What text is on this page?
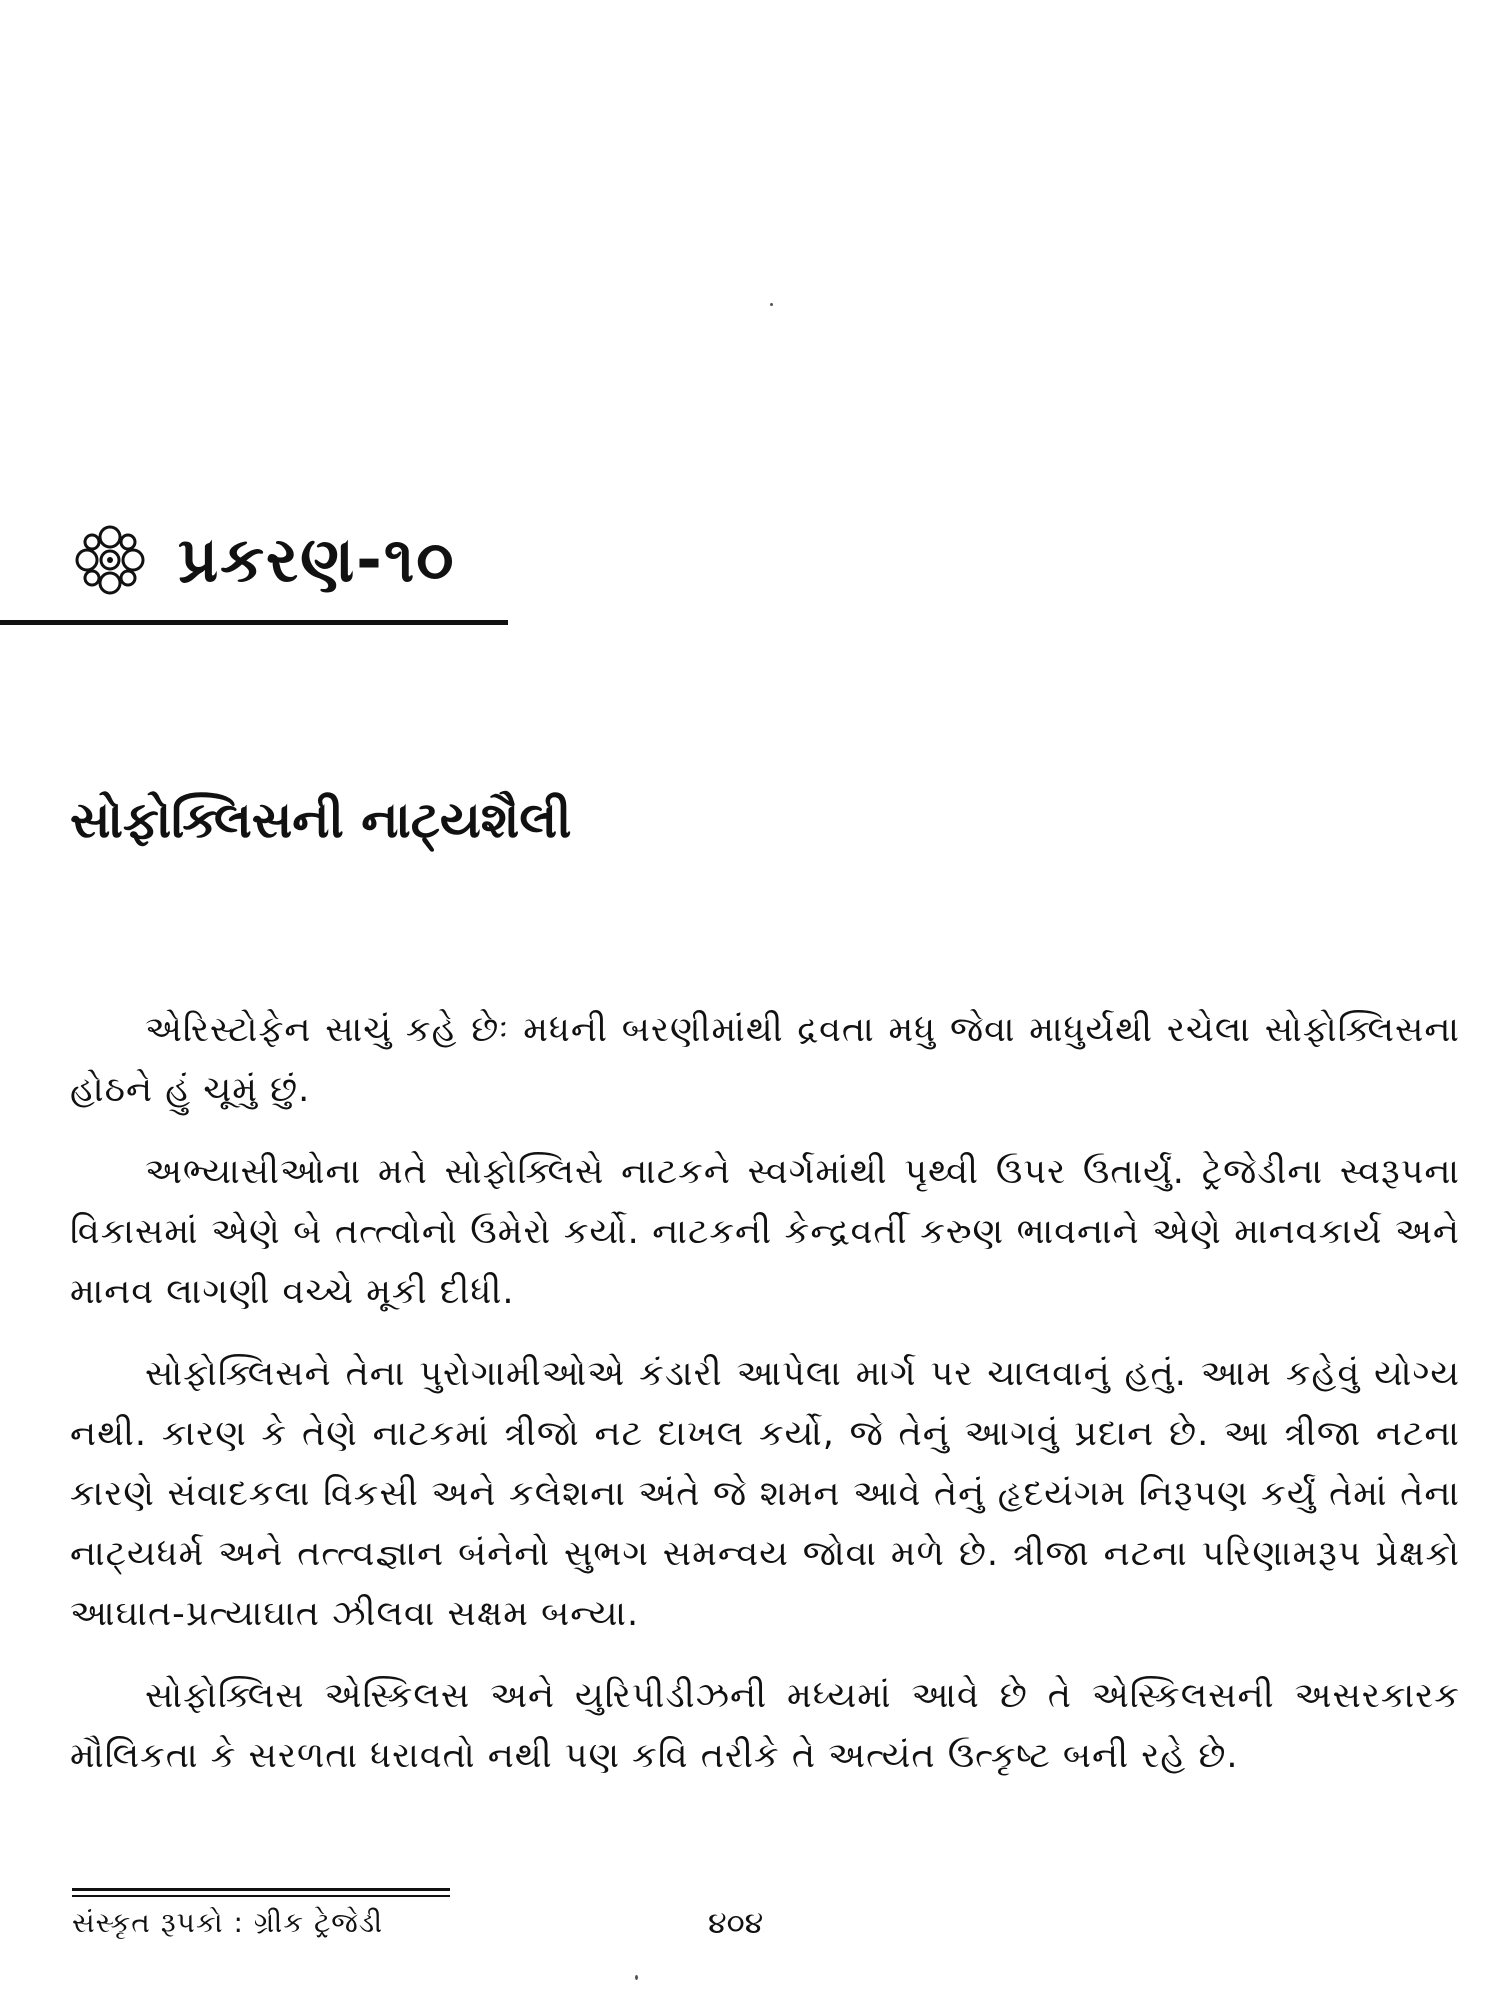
પ્રકરણ-૧૦
સોફોક્લિસની નાટ્યશૈલી

એરિસ્ટોફેન સાચું કહે છેઃ મધની બરણીમાંથી દ્રવતા મધુ જેવા માધુર્યથી રચેલા સોફોક્લિસના હોઠને હું ચૂમું છું.

અભ્યાસીઓના મતે સોફોક્લિસે નાટકને સ્વર્ગમાંથી પૃથ્વી ઉપર ઉતાર્યું. ટ્રેજેડીના સ્વરૂપના વિકાસમાં એણે બે તત્ત્વોનો ઉમેરો કર્યો. નાટકની કેન્દ્રવર્તી કરુણ ભાવનાને એણે માનવકાર્ય અને માનવ લાગણી વચ્ચે મૂકી દીધી.

સોફોક્લિસને તેના પુરોગામીઓએ કંડારી આપેલા માર્ગ પર ચાલવાનું હતું. આમ કહેવું યોગ્ય નથી. કારણ કે તેણે નાટકમાં ત્રીજો નટ દાખલ કર્યો, જે તેનું આગવું પ્રદાન છે. આ ત્રીજા નટના કારણે સંવાદકલા વિકસી અને કલેશના અંતે જે શમન આવે તેનું હૃદયંગમ નિરૂપણ કર્યું તેમાં તેના નાટ્યધર્મ અને તત્ત્વજ્ઞાન બંનેનો સુભગ સમન્વય જોવા મળે છે. ત્રીજા નટના પરિણામરૂપ પ્રેક્ષકો આઘાત-પ્રત્યાઘાત ઝીલવા સક્ષમ બન્યા.

સોફોક્લિસ એસ્કિલસ અને યુરિપીડીઝની મધ્યમાં આવે છે તે એસ્કિલસની અસરકારક મૌલિકતા કે સરળતા ધરાવતો નથી પણ કવિ તરીકે તે અત્યંત ઉત્કૃષ્ટ બની રહે છે.

સંસ્કૃત રૂપકો : ગ્રીક ટ્રેજેડી	૪૦૪
